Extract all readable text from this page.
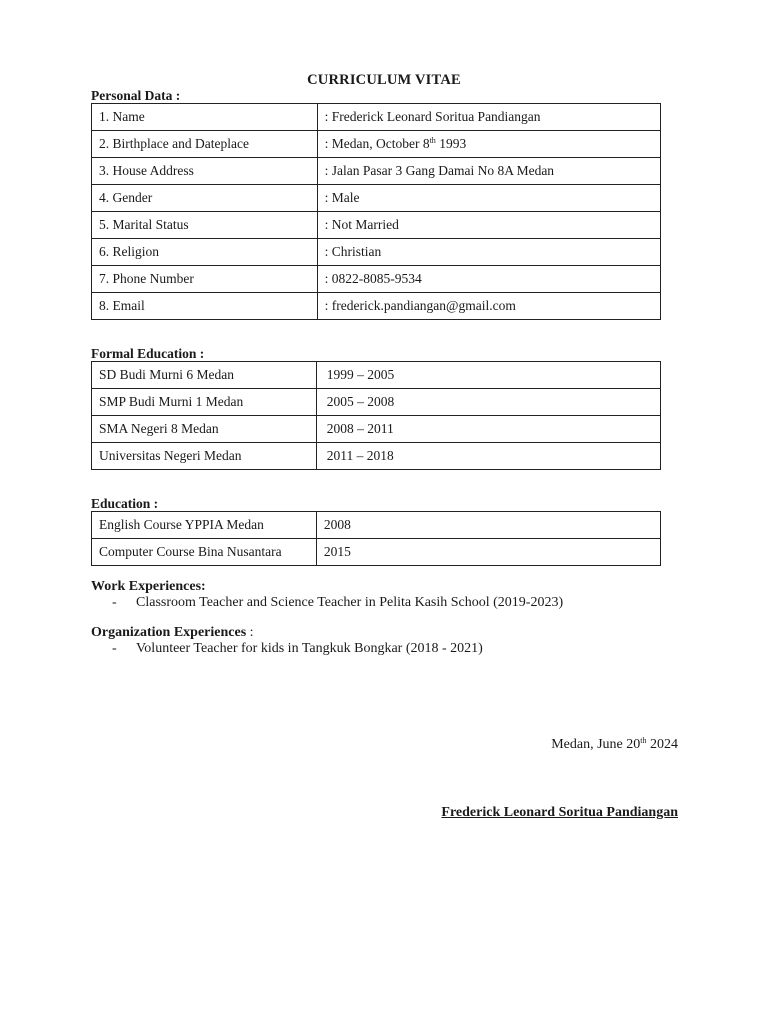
CURRICULUM VITAE
Personal Data :
1. Name	: Frederick Leonard Soritua Pandiangan
2. Birthplace and Dateplace	: Medan, October 8th 1993
3. House Address	: Jalan Pasar 3 Gang Damai No 8A Medan
4. Gender	: Male
5. Marital Status	: Not Married
6. Religion	: Christian
7. Phone Number	: 0822-8085-9534
8. Email	: frederick.pandiangan@gmail.com
Formal Education :
SD Budi Murni 6 Medan	1999 – 2005
SMP Budi Murni 1 Medan	2005 – 2008
SMA Negeri 8 Medan	2008 – 2011
Universitas Negeri Medan	2011 – 2018
Education :
English Course YPPIA Medan	2008
Computer Course Bina Nusantara	2015
Work Experiences:
- Classroom Teacher and Science Teacher in Pelita Kasih School (2019-2023)
Organization Experiences :
- Volunteer Teacher for kids in Tangkuk Bongkar (2018 - 2021)
Medan, June 20th 2024
Frederick Leonard Soritua Pandiangan
